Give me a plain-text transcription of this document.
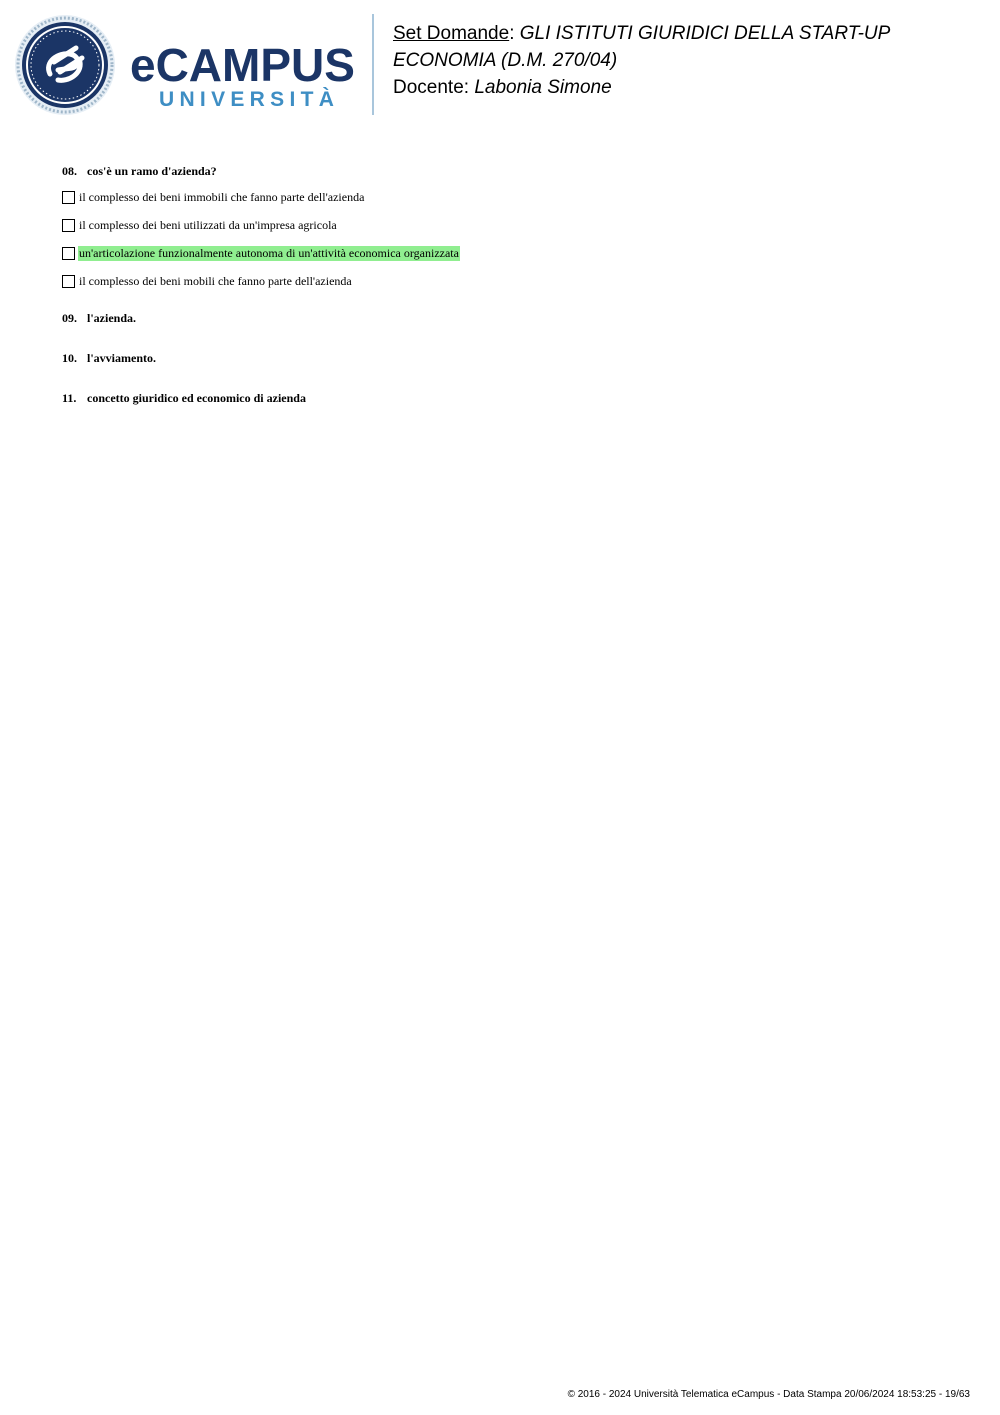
eCAMPUS
UNIVERSITÀ
Set Domande: GLI ISTITUTI GIURIDICI DELLA START-UP ECONOMIA (D.M. 270/04)
Docente: Labonia Simone
08. cos'è un ramo d'azienda?
il complesso dei beni immobili che fanno parte dell'azienda
il complesso dei beni utilizzati da un'impresa agricola
un'articolazione funzionalmente autonoma di un'attività economica organizzata
il complesso dei beni mobili che fanno parte dell'azienda
09. l'azienda.
10. l'avviamento.
11. concetto giuridico ed economico di azienda
© 2016 - 2024 Università Telematica eCampus - Data Stampa 20/06/2024 18:53:25 - 19/63
